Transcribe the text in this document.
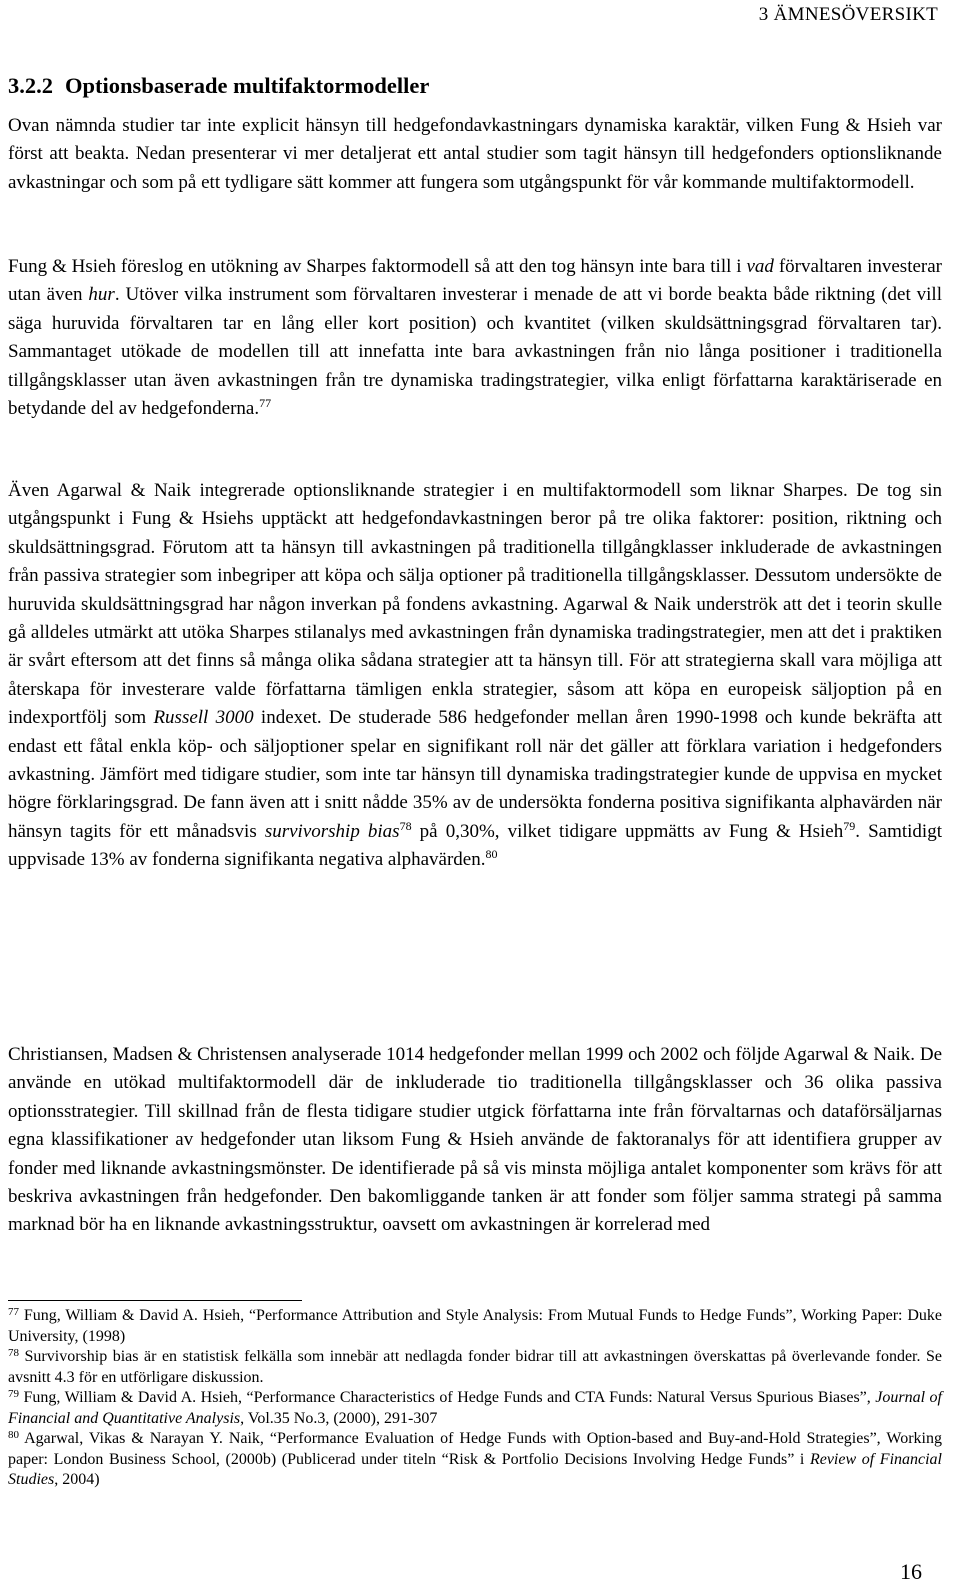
3 ÄMNESÖVERSIKT
3.2.2 Optionsbaserade multifaktormodeller

Ovan nämnda studier tar inte explicit hänsyn till hedgefondavkastningars dynamiska karaktär, vilken Fung & Hsieh var först att beakta. Nedan presenterar vi mer detaljerat ett antal studier som tagit hänsyn till hedgefonders optionsliknande avkastningar och som på ett tydligare sätt kommer att fungera som utgångspunkt för vår kommande multifaktormodell.

Fung & Hsieh föreslog en utökning av Sharpes faktormodell så att den tog hänsyn inte bara till i vad förvaltaren investerar utan även hur. Utöver vilka instrument som förvaltaren investerar i menade de att vi borde beakta både riktning (det vill säga huruvida förvaltaren tar en lång eller kort position) och kvantitet (vilken skuldsättningsgrad förvaltaren tar). Sammantaget utökade de modellen till att innefatta inte bara avkastningen från nio långa positioner i traditionella tillgångsklasser utan även avkastningen från tre dynamiska tradingstrategier, vilka enligt författarna karaktäriserade en betydande del av hedgefonderna.$^{77}$

Även Agarwal & Naik integrerade optionsliknande strategier i en multifaktormodell som liknar Sharpes. De tog sin utgångspunkt i Fung & Hsiehs upptäckt att hedgefondavkastningen beror på tre olika faktorer: position, riktning och skuldsättningsgrad. Förutom att ta hänsyn till avkastningen på traditionella tillgångklasser inkluderade de avkastningen från passiva strategier som inbegriper att köpa och sälja optioner på traditionella tillgångsklasser. Dessutom undersökte de huruvida skuldsättningsgrad har någon inverkan på fondens avkastning. Agarwal & Naik underströk att det i teorin skulle gå alldeles utmärkt att utöka Sharpes stilanalys med avkastningen från dynamiska tradingstrategier, men att det i praktiken är svårt eftersom att det finns så många olika sådana strategier att ta hänsyn till. För att strategierna skall vara möjliga att återskapa för investerare valde författarna tämligen enkla strategier, såsom att köpa en europeisk säljoption på en indexportfölj som Russell 3000 indexet. De studerade 586 hedgefonder mellan åren 1990-1998 och kunde bekräfta att endast ett fåtal enkla köp- och säljoptioner spelar en signifikant roll när det gäller att förklara variation i hedgefonders avkastning. Jämfört med tidigare studier, som inte tar hänsyn till dynamiska tradingstrategier kunde de uppvisa en mycket högre förklaringsgrad. De fann även att i snitt nådde 35% av de undersökta fonderna positiva signifikanta alphavärden när hänsyn tagits för ett månadsvis survivorship bias$^{78}$ på 0,30%, vilket tidigare uppmätts av Fung & Hsieh$^{79}$. Samtidigt uppvisade 13% av fonderna signifikanta negativa alphavärden.$^{80}$

Christiansen, Madsen & Christensen analyserade 1014 hedgefonder mellan 1999 och 2002 och följde Agarwal & Naik. De använde en utökad multifaktormodell där de inkluderade tio traditionella tillgångsklasser och 36 olika passiva optionsstrategier. Till skillnad från de flesta tidigare studier utgick författarna inte från förvaltarnas och dataförsäljarnas egna klassifikationer av hedgefonder utan liksom Fung & Hsieh använde de faktoranalys för att identifiera grupper av fonder med liknande avkastningsmönster. De identifierade på så vis minsta möjliga antalet komponenter som krävs för att beskriva avkastningen från hedgefonder. Den bakomliggande tanken är att fonder som följer samma strategi på samma marknad bör ha en liknande avkastningsstruktur, oavsett om avkastningen är korrelerad med

$^{77}$ Fung, William & David A. Hsieh, “Performance Attribution and Style Analysis: From Mutual Funds to Hedge Funds”, Working Paper: Duke University, (1998)

$^{78}$ Survivorship bias är en statistisk felkälla som innebär att nedlagda fonder bidrar till att avkastningen överskattas på överlevande fonder. Se avsnitt 4.3 för en utförligare diskussion.

$^{79}$ Fung, William & David A. Hsieh, “Performance Characteristics of Hedge Funds and CTA Funds: Natural Versus Spurious Biases”, Journal of Financial and Quantitative Analysis, Vol.35 No.3, (2000), 291-307

$^{80}$ Agarwal, Vikas & Narayan Y. Naik, “Performance Evaluation of Hedge Funds with Option-based and Buy-and-Hold Strategies”, Working paper: London Business School, (2000b) (Publicerad under titeln “Risk & Portfolio Decisions Involving Hedge Funds” i Review of Financial Studies, 2004)

16
